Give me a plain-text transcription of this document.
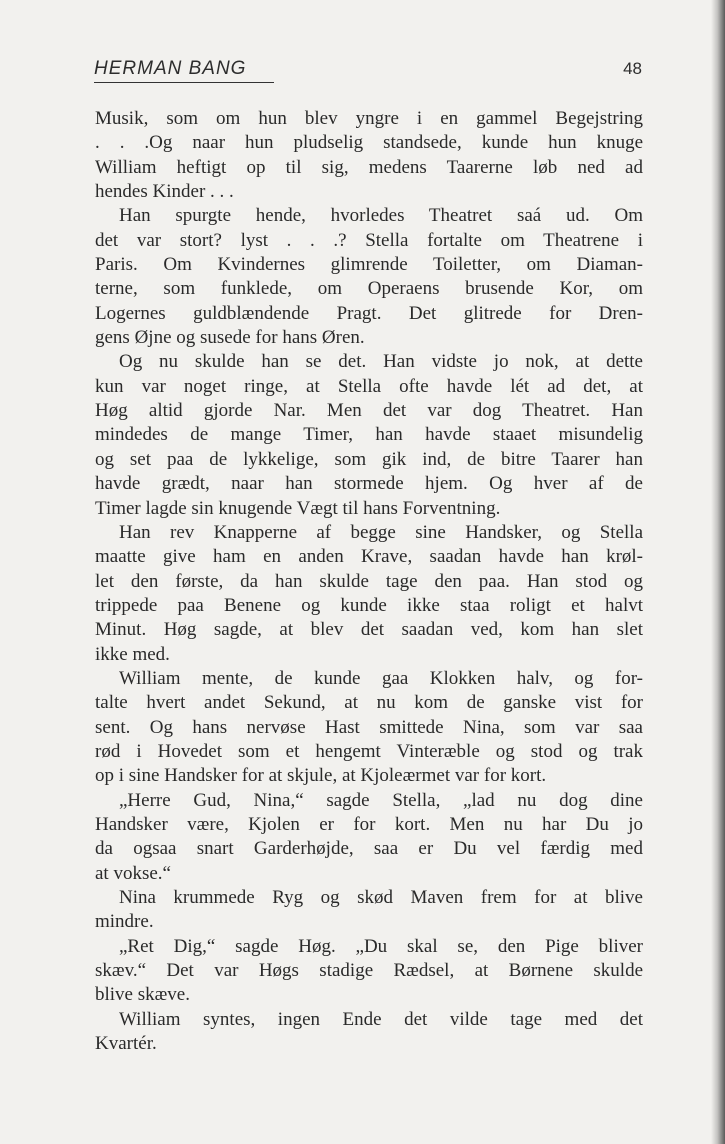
HERMAN BANG	48
Musik, som om hun blev yngre i en gammel Begejstring
. . .Og naar hun pludselig standsede, kunde hun knuge
William heftigt op til sig, medens Taarerne løb ned ad
hendes Kinder . . .
Han spurgte hende, hvorledes Theatret saá ud. Om
det var stort? lyst . . .? Stella fortalte om Theatrene i
Paris. Om Kvindernes glimrende Toiletter, om Diaman-
terne, som funklede, om Operaens brusende Kor, om
Logernes guldblændende Pragt. Det glitrede for Dren-
gens Øjne og susede for hans Øren.
Og nu skulde han se det. Han vidste jo nok, at dette
kun var noget ringe, at Stella ofte havde lét ad det, at
Høg altid gjorde Nar. Men det var dog Theatret. Han
mindedes de mange Timer, han havde staaet misundelig
og set paa de lykkelige, som gik ind, de bitre Taarer han
havde grædt, naar han stormede hjem. Og hver af de
Timer lagde sin knugende Vægt til hans Forventning.
Han rev Knapperne af begge sine Handsker, og Stella
maatte give ham en anden Krave, saadan havde han krøl-
let den første, da han skulde tage den paa. Han stod og
trippede paa Benene og kunde ikke staa roligt et halvt
Minut. Høg sagde, at blev det saadan ved, kom han slet
ikke med.
William mente, de kunde gaa Klokken halv, og for-
talte hvert andet Sekund, at nu kom de ganske vist for
sent. Og hans nervøse Hast smittede Nina, som var saa
rød i Hovedet som et hengemt Vinteræble og stod og trak
op i sine Handsker for at skjule, at Kjoleærmet var for kort.
„Herre Gud, Nina,“ sagde Stella, „lad nu dog dine
Handsker være, Kjolen er for kort. Men nu har Du jo
da ogsaa snart Garderhøjde, saa er Du vel færdig med
at vokse.“
Nina krummede Ryg og skød Maven frem for at blive
mindre.
„Ret Dig,“ sagde Høg. „Du skal se, den Pige bliver
skæv.“ Det var Høgs stadige Rædsel, at Børnene skulde
blive skæve.
William syntes, ingen Ende det vilde tage med det
Kvartér.
